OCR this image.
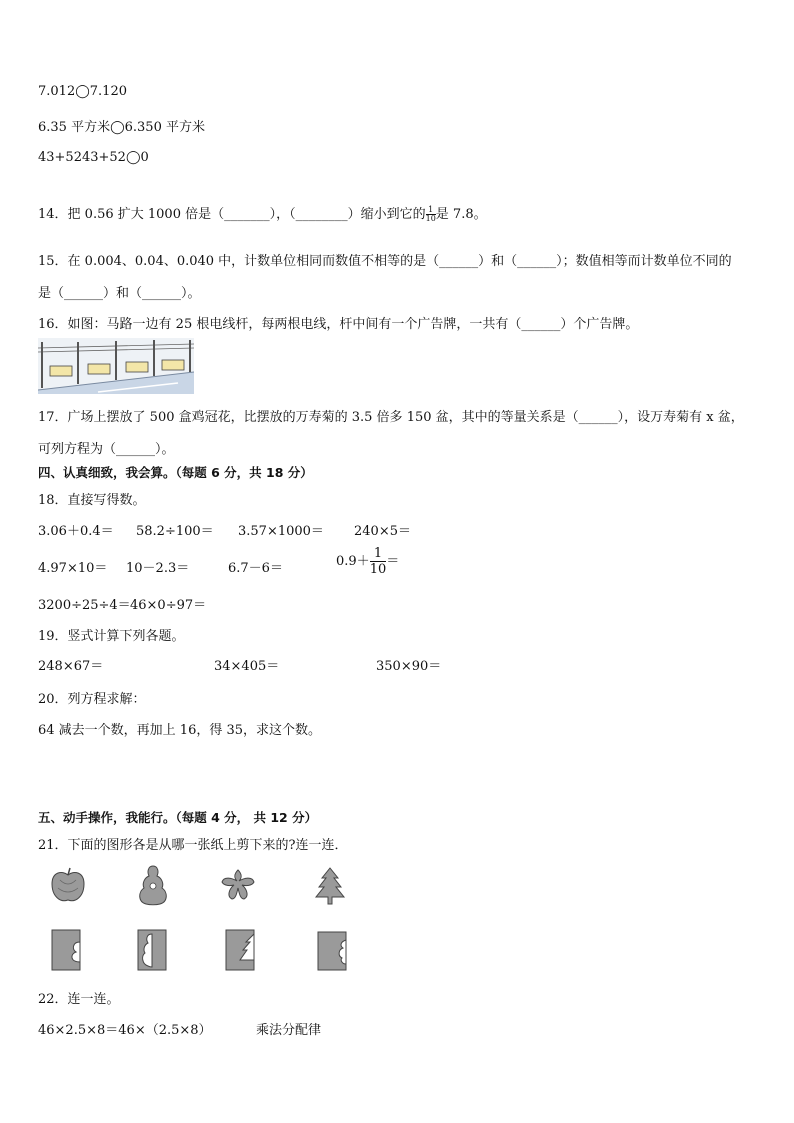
7.012◯7.120
6.35 平方米◯6.350 平方米
43+5243+52◯0
14．把 0.56 扩大 1000 倍是（_______），（________）缩小到它的 $\frac{1}{10}$ 是 7.8。
15．在 0.004、0.04、0.040 中，计数单位相同而数值不相等的是（______）和（______）；数值相等而计数单位不同的
是（______）和（______）。
16．如图：马路一边有 25 根电线杆，每两根电线，杆中间有一个广告牌，一共有（______）个广告牌。
17．广场上摆放了 500 盒鸡冠花，比摆放的万寿菊的 3.5 倍多 150 盆，其中的等量关系是（______），设万寿菊有 x 盆，
可列方程为（______）。
四、认真细致，我会算。（每题 6 分，共 18 分）
18．直接写得数。
3.06＋0.4＝ 58.2÷100＝ 3.57×1000＝ 240×5＝
4.97×10＝ 10－2.3＝	6.7－6＝	$0.9+ \frac{1}{10}$ ＝
3200÷25÷4＝ 46×0÷97＝
19．竖式计算下列各题。
248×67＝	34×405＝	350×90＝
20．列方程求解：
64 减去一个数，再加上 16，得 35，求这个数。
五、动手操作，我能行。（每题 4 分， 共 12 分）
21．下面的图形各是从哪一张纸上剪下来的?连一连．
22．连一连。
46×2.5×8＝46×（2.5×8）	乘法分配律
